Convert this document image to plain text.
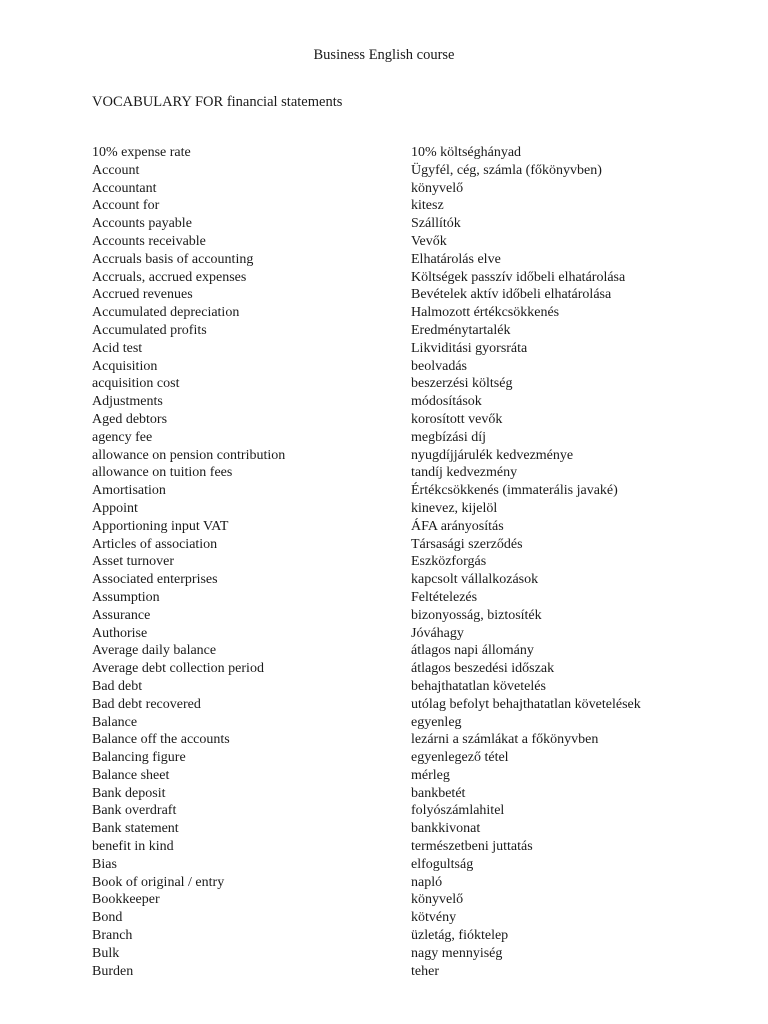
Business English course
VOCABULARY FOR financial statements
10% expense rate	10% költséghányad
Account	Ügyfél, cég, számla (főkönyvben)
Accountant	könyvelő
Account for	kitesz
Accounts payable	Szállítók
Accounts receivable	Vevők
Accruals basis of accounting	Elhatárolás elve
Accruals, accrued expenses	Költségek passzív időbeli elhatárolása
Accrued revenues	Bevételek aktív időbeli elhatárolása
Accumulated depreciation	Halmozott értékcsökkenés
Accumulated profits	Eredménytartalék
Acid test	Likviditási gyorsráta
Acquisition	beolvadás
acquisition cost	beszerzési költség
Adjustments	módosítások
Aged debtors	korosított vevők
agency fee	megbízási díj
allowance on pension contribution	nyugdíjjárulék kedvezménye
allowance on tuition fees	tandíj kedvezmény
Amortisation	Értékcsökkenés (immaterális javaké)
Appoint	kinevez, kijelöl
Apportioning input VAT	ÁFA arányosítás
Articles of association	Társasági szerződés
Asset turnover	Eszközforgás
Associated enterprises	kapcsolt vállalkozások
Assumption	Feltételezés
Assurance	bizonyosság, biztosíték
Authorise	Jóváhagy
Average daily balance	átlagos napi állomány
Average debt collection period	átlagos beszedési időszak
Bad debt	behajthatatlan követelés
Bad debt recovered	utólag befolyt behajthatatlan követelések
Balance	egyenleg
Balance off the accounts	lezárni a számlákat a főkönyvben
Balancing figure	egyenlegező tétel
Balance sheet	mérleg
Bank deposit	bankbetét
Bank overdraft	folyószámlahitel
Bank statement	bankkivonat
benefit in kind	természetbeni juttatás
Bias	elfogultság
Book of original / entry	napló
Bookkeeper	könyvelő
Bond	kötvény
Branch	üzletág, fióktelep
Bulk	nagy mennyiség
Burden	teher
